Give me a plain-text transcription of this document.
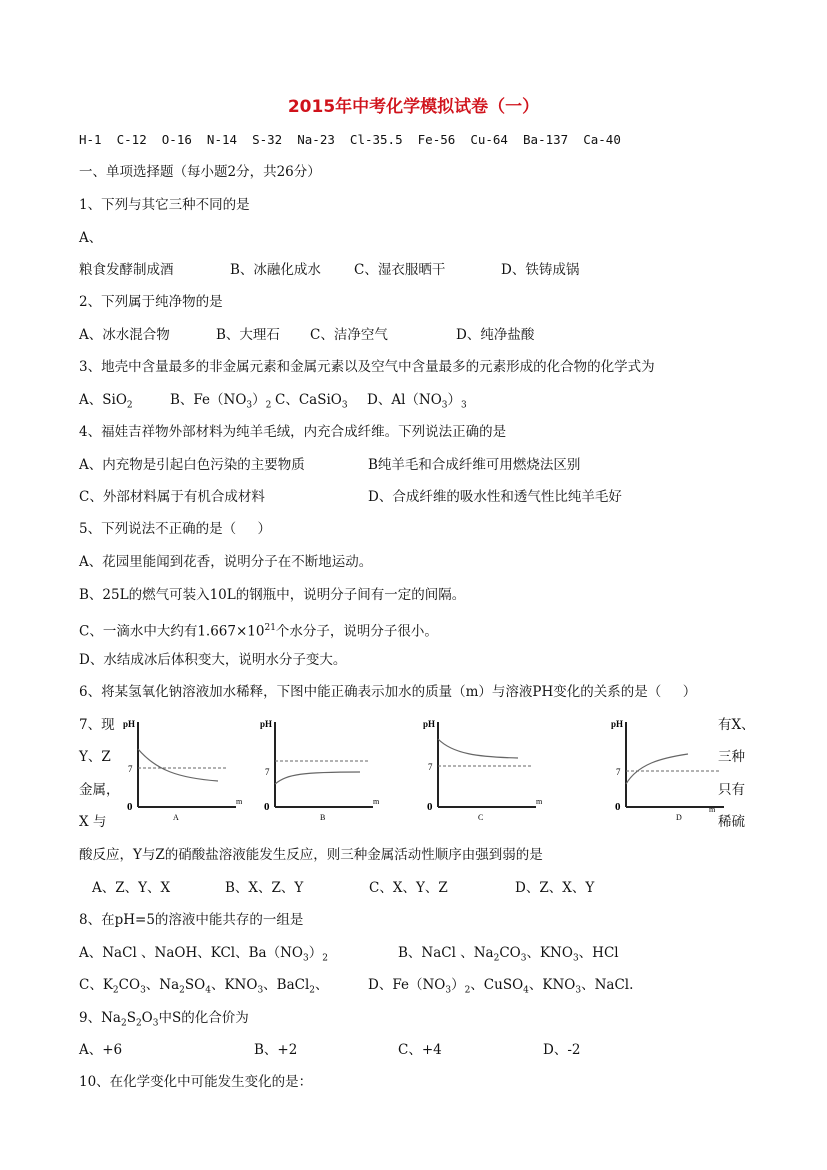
2015年中考化学模拟试卷（一）
H-1  C-12  O-16  N-14  S-32  Na-23  Cl-35.5  Fe-56  Cu-64  Ba-137  Ca-40
一、单项选择题（每小题2分，共26分）
1、下列与其它三种不同的是
A、
粮食发酵制成酒	B、冰融化成水 C、湿衣服晒干	D、铁铸成锅
2、下列属于纯净物的是
A、冰水混合物	B、大理石 C、洁净空气	D、纯净盐酸
3、地壳中含量最多的非金属元素和金属元素以及空气中含量最多的元素形成的化合物的化学式为
A、SiO$_2$	B、$Fe(NO_3)_2$ C、CaSiO$_3$ D、$Al(NO_3)_3$
4、福娃吉祥物外部材料为纯羊毛绒，内充合成纤维。下列说法正确的是
A、内充物是引起白色污染的主要物质	B纯羊毛和合成纤维可用燃烧法区别
C、外部材料属于有机合成材料	D、合成纤维的吸水性和透气性比纯羊毛好
5、下列说法不正确的是（     ）
A、花园里能闻到花香，说明分子在不断地运动。
B、25L的燃气可装入10L的钢瓶中，说明分子间有一定的间隔。
C、一滴水中大约有$1.667\times 10^{21}$个水分子，说明分子很小。
D、水结成冰后体积变大，说明水分子变大。
6、将某氢氧化钠溶液加水稀释，下图中能正确表示加水的质量（m）与溶液PH变化的关系的是（     ）
7、现
Y、Z
金属，
X 与
有X、
三种
只有
稀硫
pH
7
0	m
A
pH
7
0	m
B
pH
7
0	m
C
pH
7
0	m
D
酸反应，Y与Z的硝酸盐溶液能发生反应，则三种金属活动性顺序由强到弱的是
A、Z、Y、X	B、X、Z、Y	C、X、Y、Z	D、Z、X、Y
8、在pH=5的溶液中能共存的一组是
A、NaCl 、NaOH、KCl、$Ba(NO_3)_2$	B、NaCl 、$Na_2CO_3$、$KNO_3$、HCl
C、$K_2CO_3$、$Na_2SO_4$、$KNO_3$、BaCl$_2$、	D、$Fe(NO_3)_2$、CuSO$_4$、$KNO_3$、NaCl.
9、$Na_2S_2O_3$中S的化合价为
A、+6	B、+2	C、+4	D、-2
10、在化学变化中可能发生变化的是：
